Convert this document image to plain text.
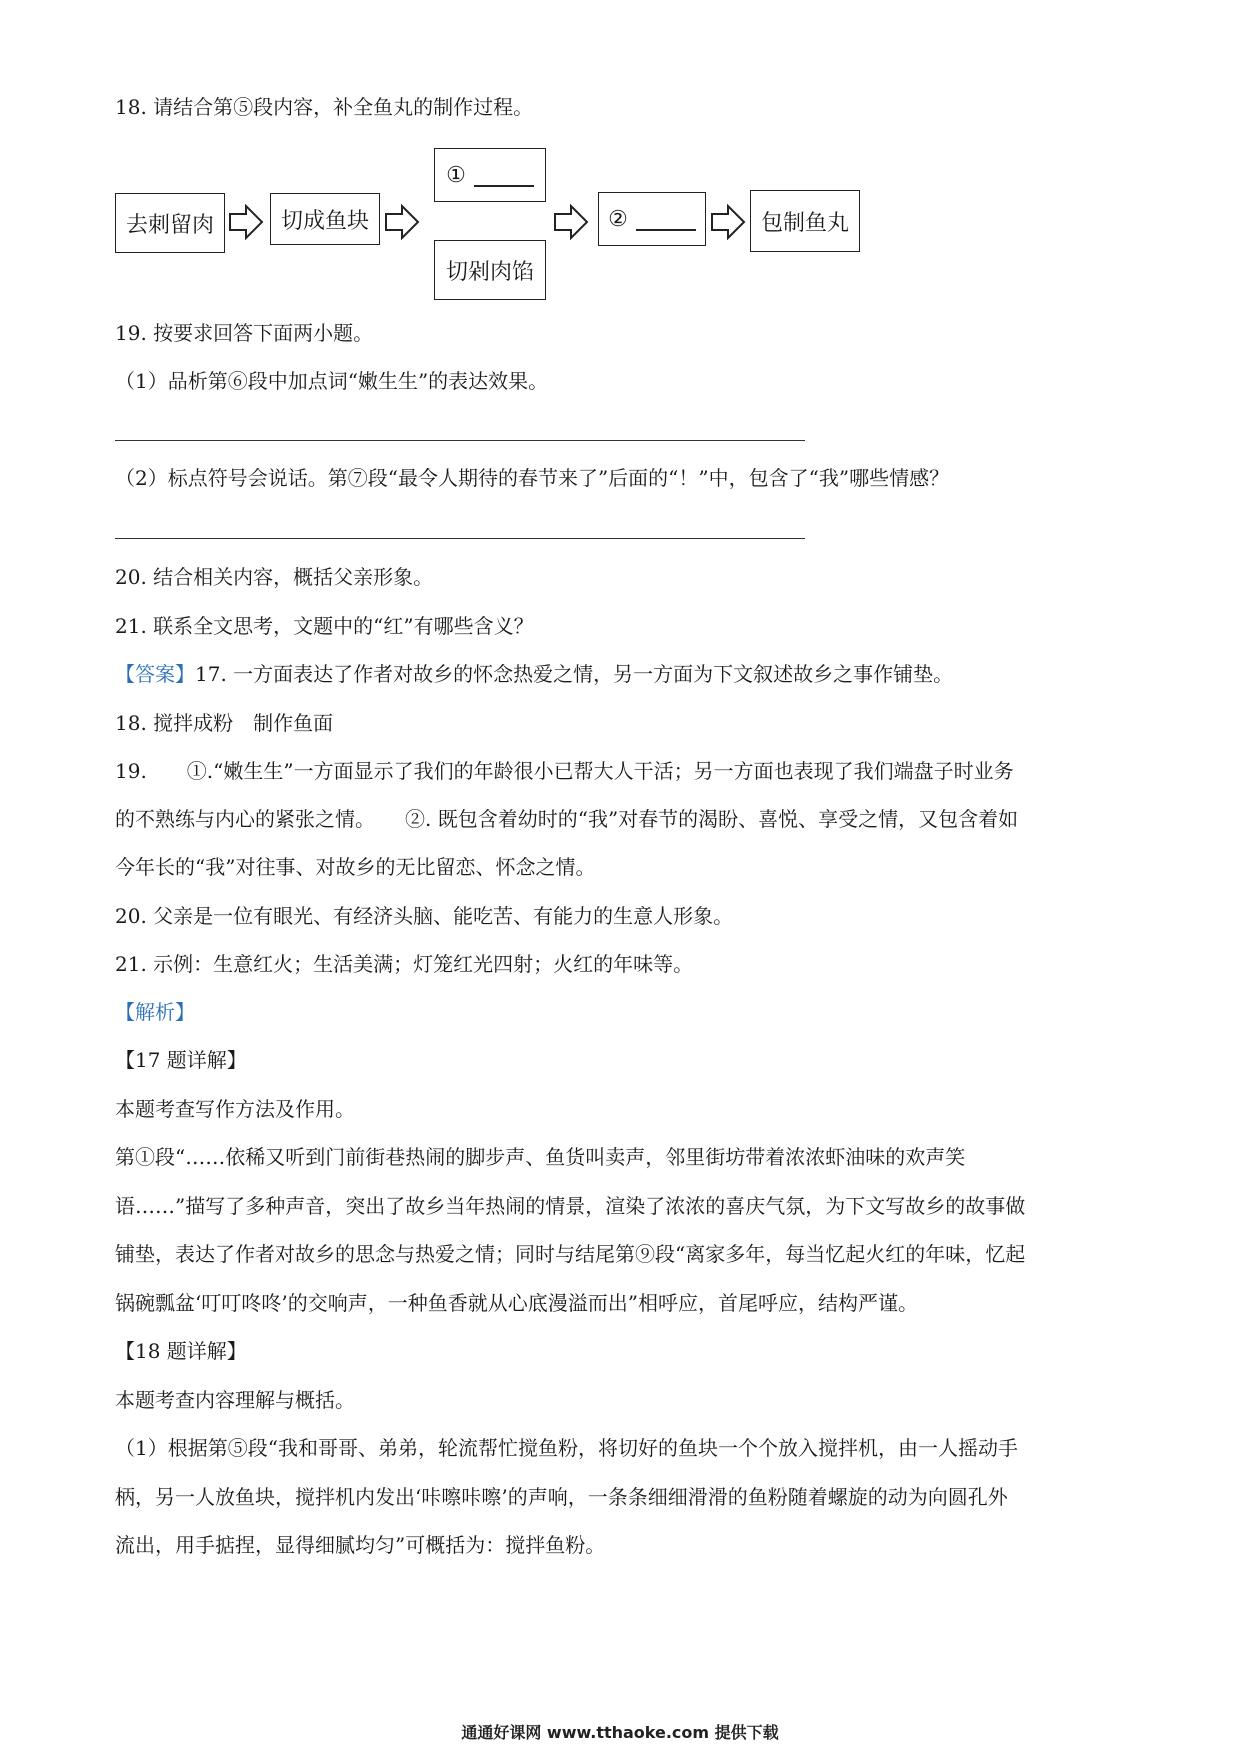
18. 请结合第⑤段内容，补全鱼丸的制作过程。
去刺留肉	切成鱼块
①
切剁肉馅
②	包制鱼丸
19. 按要求回答下面两小题。
（1）品析第⑥段中加点词“嫩生生”的表达效果。
（2）标点符号会说话。第⑦段“最令人期待的春节来了”后面的“！”中，包含了“我”哪些情感？
20. 结合相关内容，概括父亲形象。
21. 联系全文思考，文题中的“红”有哪些含义？
【答案】17. 一方面表达了作者对故乡的怀念热爱之情，另一方面为下文叙述故乡之事作铺垫。
18. 搅拌成粉　制作鱼面
19.　　①.“嫩生生”一方面显示了我们的年龄很小已帮大人干活；另一方面也表现了我们端盘子时业务
的不熟练与内心的紧张之情。　　②. 既包含着幼时的“我”对春节的渴盼、喜悦、享受之情，又包含着如
今年长的“我”对往事、对故乡的无比留恋、怀念之情。
20. 父亲是一位有眼光、有经济头脑、能吃苦、有能力的生意人形象。
21. 示例：生意红火；生活美满；灯笼红光四射；火红的年味等。
【解析】
【17 题详解】
本题考查写作方法及作用。
第①段“……依稀又听到门前街巷热闹的脚步声、鱼货叫卖声，邻里街坊带着浓浓虾油味的欢声笑
语……”描写了多种声音，突出了故乡当年热闹的情景，渲染了浓浓的喜庆气氛，为下文写故乡的故事做
铺垫，表达了作者对故乡的思念与热爱之情；同时与结尾第⑨段“离家多年，每当忆起火红的年味，忆起
锅碗瓢盆‘叮叮咚咚’的交响声，一种鱼香就从心底漫溢而出”相呼应，首尾呼应，结构严谨。
【18 题详解】
本题考查内容理解与概括。
（1）根据第⑤段“我和哥哥、弟弟，轮流帮忙搅鱼粉，将切好的鱼块一个个放入搅拌机，由一人摇动手
柄，另一人放鱼块，搅拌机内发出‘咔嚓咔嚓’的声响，一条条细细滑滑的鱼粉随着螺旋的动为向圆孔外
流出，用手掂捏，显得细腻均匀”可概括为：搅拌鱼粉。
通通好课网 www.tthaoke.com 提供下载
